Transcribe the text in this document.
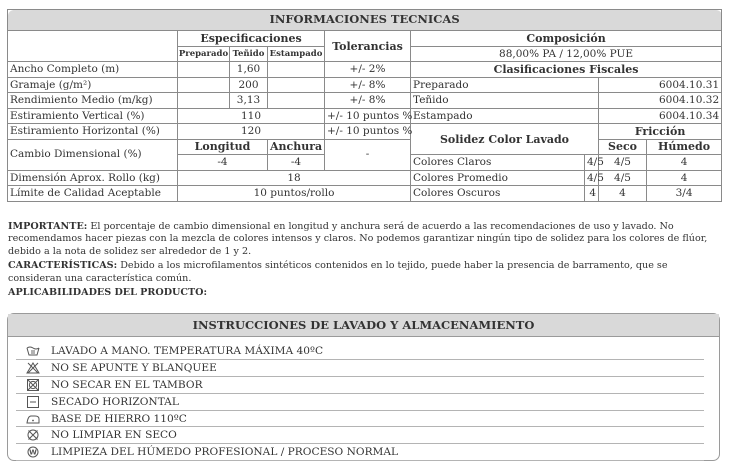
INFORMACIONES TECNICAS								
	Especificaciones			Tolerancias	Composición			
	Preparado	Teñido	Estampado		88,00% PA / 12,00% PUE			
Ancho Completo (m)		1,60		+/- 2%	Clasificaciones Fiscales			
Gramaje (g/m²)		200		+/- 8%	Preparado		6004.10.31	
Rendimiento Medio (m/kg)		3,13		+/- 8%	Teñido		6004.10.32	
Estiramiento Vertical (%)	110			+/- 10 puntos %	Estampado		6004.10.34	
Estiramiento Horizontal (%)	120			+/- 10 puntos %	Solidez Color Lavado		Fricción	
Cambio Dimensional (%)	Longitud		Anchura	-			Seco	Húmedo
	-4		-4		Colores Claros	4/5	4/5	4
Dimensión Aprox. Rollo (kg)	18				Colores Promedio	4/5	4/5	4
Límite de Calidad Aceptable	10 puntos/rollo				Colores Oscuros	4	4	3/4

IMPORTANTE: El porcentaje de cambio dimensional en longitud y anchura será de acuerdo a las recomendaciones de uso y lavado. No recomendamos hacer piezas con la mezcla de colores intensos y claros. No podemos garantizar ningún tipo de solidez para los colores de flúor, debido a la nota de solidez ser alrededor de 1 y 2.

CARACTERÍSTICAS: Debido a los microfilamentos sintéticos contenidos en lo tejido, puede haber la presencia de barramento, que se consideran una característica común.

APLICABILIDADES DEL PRODUCTO:

INSTRUCCIONES DE LAVADO Y ALMACENAMIENTO
LAVADO A MANO. TEMPERATURA MÁXIMA 40ºC
NO SE APUNTE Y BLANQUEE
NO SECAR EN EL TAMBOR
SECADO HORIZONTAL
BASE DE HIERRO 110ºC
NO LIMPIAR EN SECO
W LIMPIEZA DEL HÚMEDO PROFESIONAL / PROCESO NORMAL
